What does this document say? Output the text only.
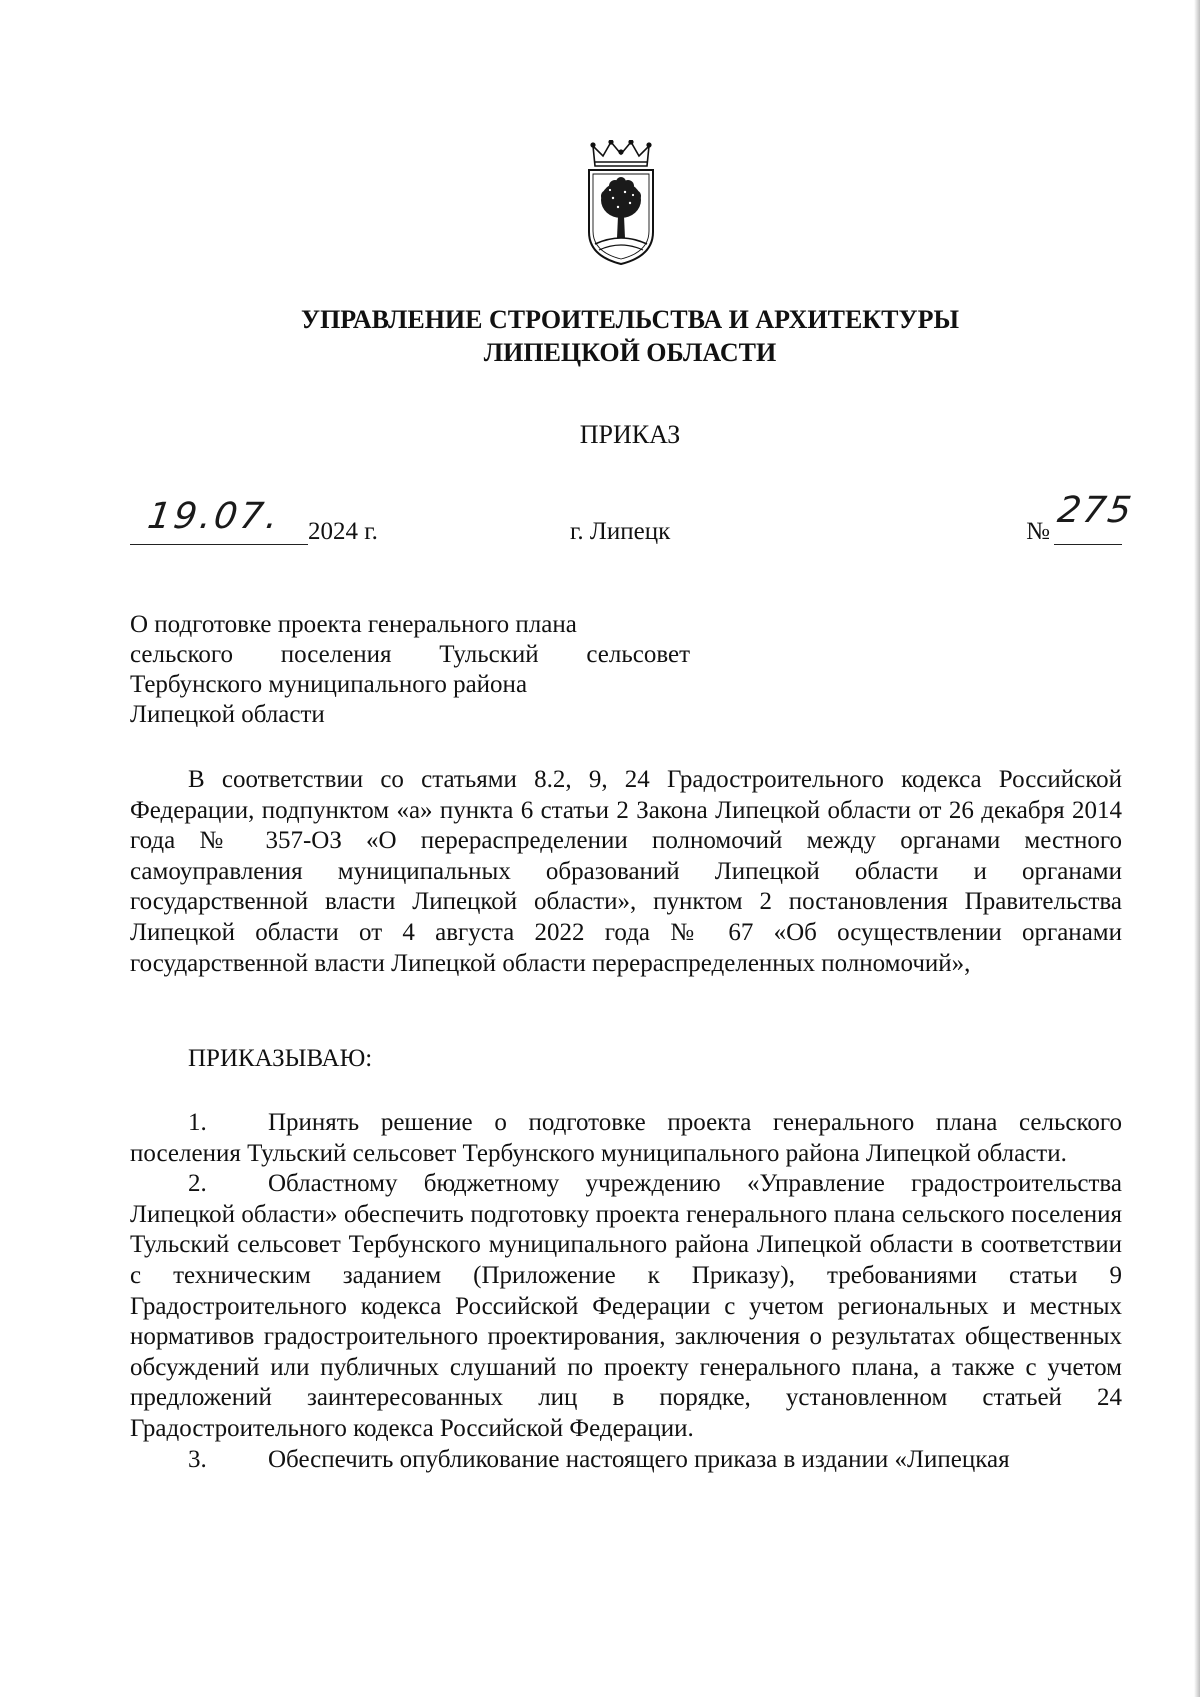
УПРАВЛЕНИЕ СТРОИТЕЛЬСТВА И АРХИТЕКТУРЫ
ЛИПЕЦКОЙ ОБЛАСТИ

ПРИКАЗ

19.07. 2024 г.	г. Липецк	№
275
О подготовке проекта генерального плана
сельского поселения Тульский сельсовет
Тербунского муниципального района
Липецкой области

В соответствии со статьями 8.2, 9, 24 Градостроительного кодекса Российской Федерации, подпунктом «а» пункта 6 статьи 2 Закона Липецкой области от 26 декабря 2014 года № 357-ОЗ «О перераспределении полномочий между органами местного самоуправления муниципальных образований Липецкой области и органами государственной власти Липецкой области», пунктом 2 постановления Правительства Липецкой области от 4 августа 2022 года № 67 «Об осуществлении органами государственной власти Липецкой области перераспределенных полномочий»,

ПРИКАЗЫВАЮ:

1. Принять решение о подготовке проекта генерального плана сельского поселения Тульский сельсовет Тербунского муниципального района Липецкой области.

2. Областному бюджетному учреждению «Управление градостроительства Липецкой области» обеспечить подготовку проекта генерального плана сельского поселения Тульский сельсовет Тербунского муниципального района Липецкой области в соответствии с техническим заданием (Приложение к Приказу), требованиями статьи 9 Градостроительного кодекса Российской Федерации с учетом региональных и местных нормативов градостроительного проектирования, заключения о результатах общественных обсуждений или публичных слушаний по проекту генерального плана, а также с учетом предложений заинтересованных лиц в порядке, установленном статьей 24 Градостроительного кодекса Российской Федерации.

3. Обеспечить опубликование настоящего приказа в издании «Липецкая
